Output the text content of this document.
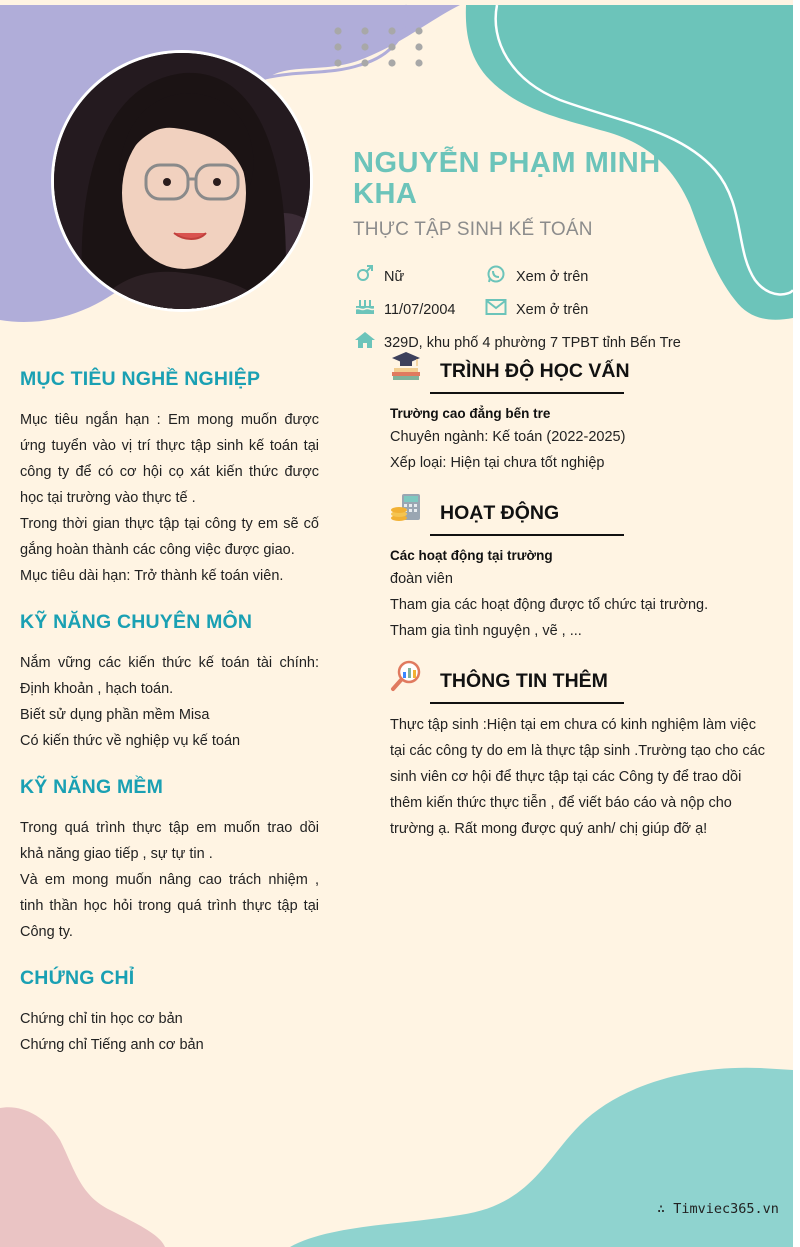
NGUYỄN PHẠM MINH KHA
THỰC TẬP SINH KẾ TOÁN
Nữ	Xem ở trên
11/07/2004	Xem ở trên
329D, khu phố 4 phường 7 TPBT tỉnh Bến Tre
MỤC TIÊU NGHỀ NGHIỆP
Mục tiêu ngắn hạn : Em mong muốn được ứng tuyển vào vị trí thực tập sinh kế toán tại công ty để có cơ hội cọ xát kiến thức được học tại trường vào thực tế .
Trong thời gian thực tập tại công ty em sẽ cố gắng hoàn thành các công việc được giao.
Mục tiêu dài hạn: Trở thành kế toán viên.
KỸ NĂNG CHUYÊN MÔN
Nắm vững các kiến thức kế toán tài chính: Định khoản , hạch toán.
Biết sử dụng phần mềm Misa
Có kiến thức về nghiệp vụ kế toán
KỸ NĂNG MỀM
Trong quá trình thực tập em muốn trao dồi khả năng giao tiếp , sự tự tin .
Và em mong muốn nâng cao trách nhiệm , tinh thần học hỏi trong quá trình thực tập tại Công ty.
CHỨNG CHỈ
Chứng chỉ tin học cơ bản
Chứng chỉ Tiếng anh cơ bản
TRÌNH ĐỘ HỌC VẤN
Trường cao đẳng bến tre
Chuyên ngành: Kế toán (2022-2025)
Xếp loại: Hiện tại chưa tốt nghiệp
HOẠT ĐỘNG
Các hoạt động tại trường
đoàn viên
Tham gia các hoạt động được tổ chức tại trường.
Tham gia tình nguyện , vẽ , ...
THÔNG TIN THÊM
Thực tập sinh :Hiện tại em chưa có kinh nghiệm làm việc tại các công ty do em là thực tập sinh .Trường tạo cho các sinh viên cơ hội để thực tập tại các Công ty để trao dồi thêm kiến thức thực tiễn , để viết báo cáo và nộp cho trường ạ. Rất mong được quý anh/ chị giúp đỡ ạ!
∴ Timviec365.vn
